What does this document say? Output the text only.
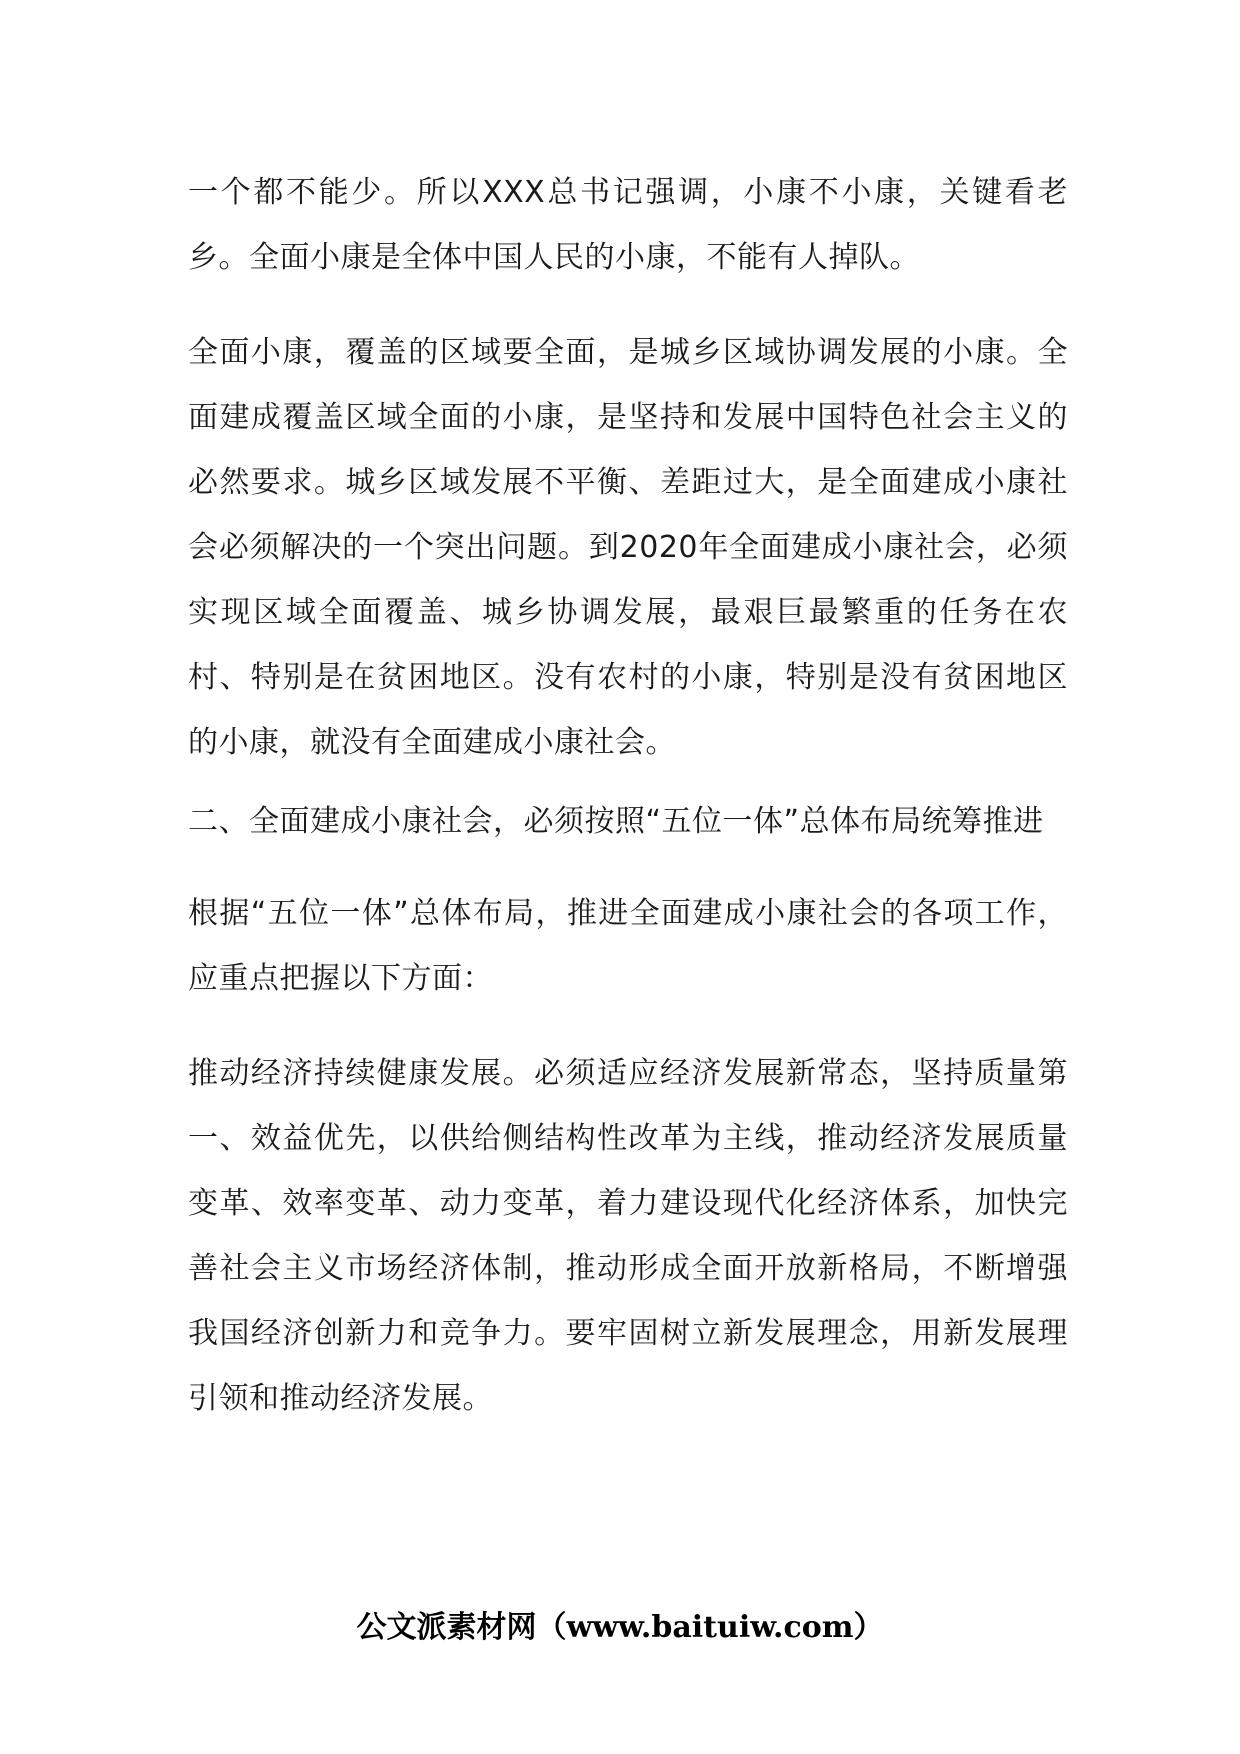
一个都不能少。所以XXX总书记强调，小康不小康，关键看老乡。全面小康是全体中国人民的小康，不能有人掉队。

全面小康，覆盖的区域要全面，是城乡区域协调发展的小康。全面建成覆盖区域全面的小康，是坚持和发展中国特色社会主义的必然要求。城乡区域发展不平衡、差距过大，是全面建成小康社会必须解决的一个突出问题。到2020年全面建成小康社会，必须实现区域全面覆盖、城乡协调发展，最艰巨最繁重的任务在农村、特别是在贫困地区。没有农村的小康，特别是没有贫困地区的小康，就没有全面建成小康社会。

二、全面建成小康社会，必须按照“五位一体”总体布局统筹推进

根据“五位一体”总体布局，推进全面建成小康社会的各项工作，应重点把握以下方面：

推动经济持续健康发展。必须适应经济发展新常态，坚持质量第一、效益优先，以供给侧结构性改革为主线，推动经济发展质量变革、效率变革、动力变革，着力建设现代化经济体系，加快完善社会主义市场经济体制，推动形成全面开放新格局，不断增强我国经济创新力和竞争力。要牢固树立新发展理念，用新发展理引领和推动经济发展。

公文派素材网（www.baituiw.com）
